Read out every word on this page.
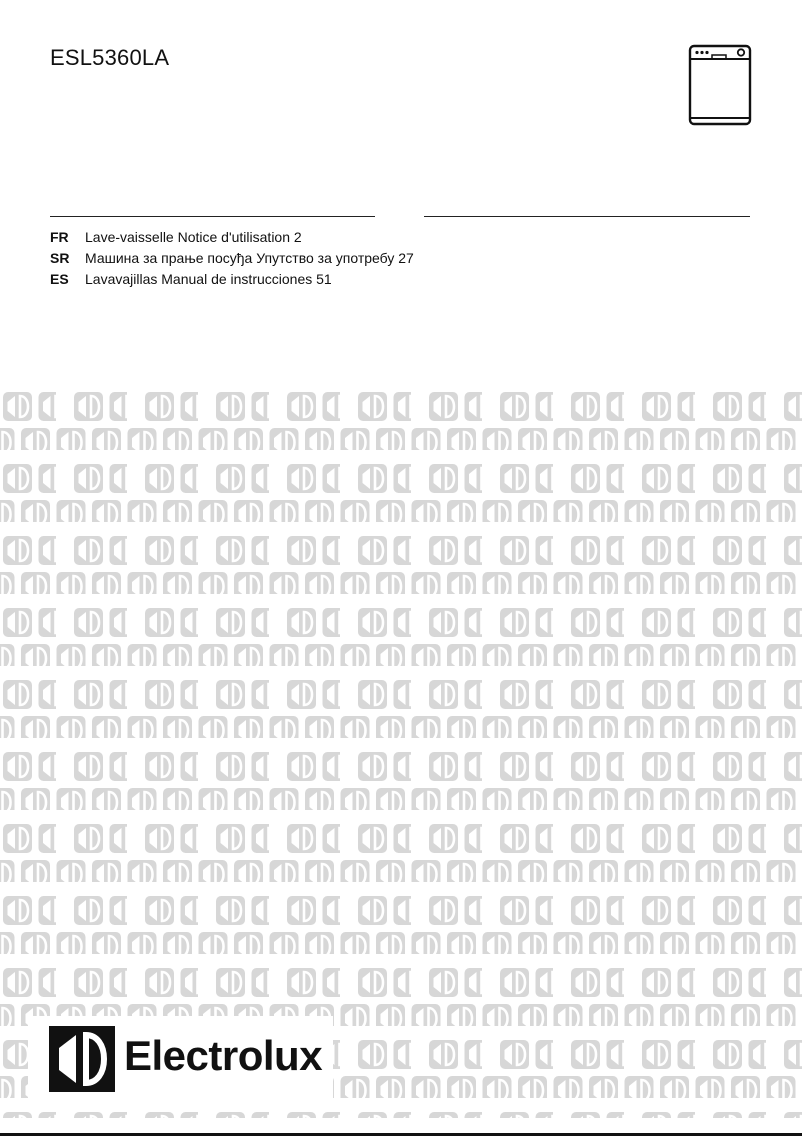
ESL5360LA
FR	Lave-vaisselle Notice d'utilisation 2
SR	Машина за прање посуђа Упутство за употребу 27
ES	Lavavajillas Manual de instrucciones 51
Electrolux
